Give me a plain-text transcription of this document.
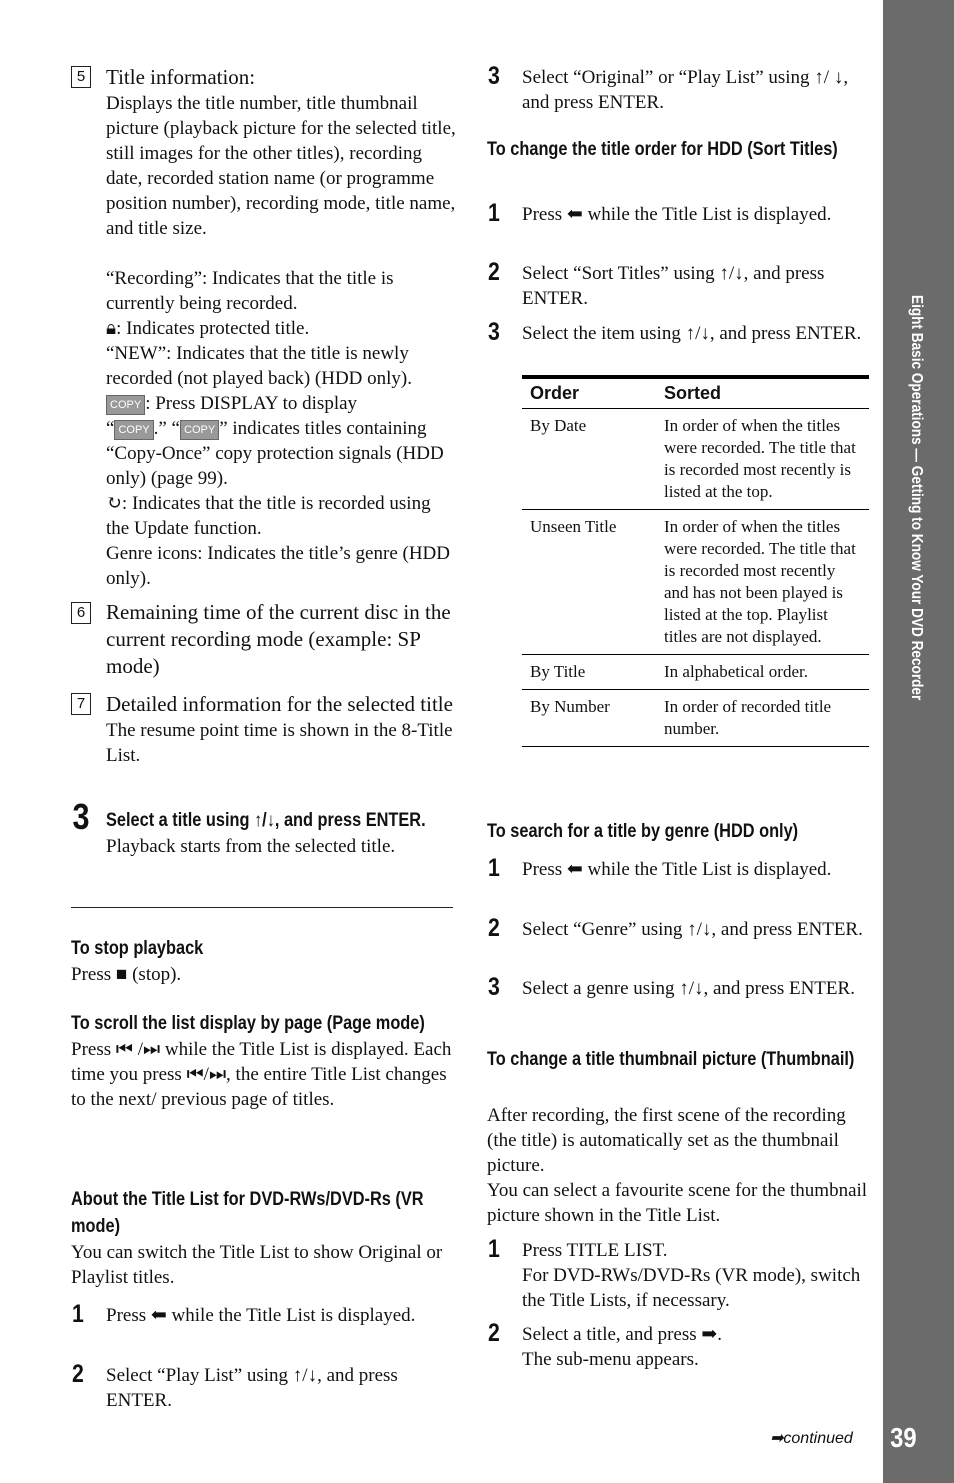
5 Title information:
Displays the title number, title thumbnail picture (playback picture for the selected title, still images for the other titles), recording date, recorded station name (or programme position number), recording mode, title name, and title size.
“Recording”: Indicates that the title is currently being recorded.
🔒︎: Indicates protected title.
“NEW”: Indicates that the title is newly recorded (not played back) (HDD only).
COPY : Press DISPLAY to display
“ COPY .” “ COPY ” indicates titles containing “Copy-Once” copy protection signals (HDD only) (page 99).
↻: Indicates that the title is recorded using the Update function.
Genre icons: Indicates the title’s genre (HDD only).
6 Remaining time of the current disc in the current recording mode (example: SP mode)
7 Detailed information for the selected title
The resume point time is shown in the 8-Title List.
3 Select a title using ↑/↓, and press ENTER.
Playback starts from the selected title.
To stop playback
Press ■ (stop).
To scroll the list display by page (Page mode)
Press ⏮ /⏭ while the Title List is displayed. Each time you press ⏮/⏭, the entire Title List changes to the next/ previous page of titles.
About the Title List for DVD-RWs/DVD-Rs (VR mode)
You can switch the Title List to show Original or Playlist titles.
1 Press ⬅ while the Title List is displayed.
2 Select “Play List” using ↑/↓, and press ENTER.
3 Select “Original” or “Play List” using ↑/ ↓, and press ENTER.
To change the title order for HDD (Sort Titles)
1 Press ⬅ while the Title List is displayed.
2 Select “Sort Titles” using ↑/↓, and press ENTER.
3 Select the item using ↑/↓, and press ENTER.
Order	Sorted
By Date	In order of when the titles were recorded. The title that is recorded most recently is listed at the top.
Unseen Title	In order of when the titles were recorded. The title that is recorded most recently and has not been played is listed at the top. Playlist titles are not displayed.
By Title	In alphabetical order.
By Number	In order of recorded title number.
To search for a title by genre (HDD only)
1 Press ⬅ while the Title List is displayed.
2 Select “Genre” using ↑/↓, and press ENTER.
3 Select a genre using ↑/↓, and press ENTER.
To change a title thumbnail picture (Thumbnail)
After recording, the first scene of the recording (the title) is automatically set as the thumbnail picture.
You can select a favourite scene for the thumbnail picture shown in the Title List.
1 Press TITLE LIST.
For DVD-RWs/DVD-Rs (VR mode), switch the Title Lists, if necessary.
2 Select a title, and press ➡.
The sub-menu appears.
➡continued
Eight Basic Operations — Getting to Know Your DVD Recorder
39
